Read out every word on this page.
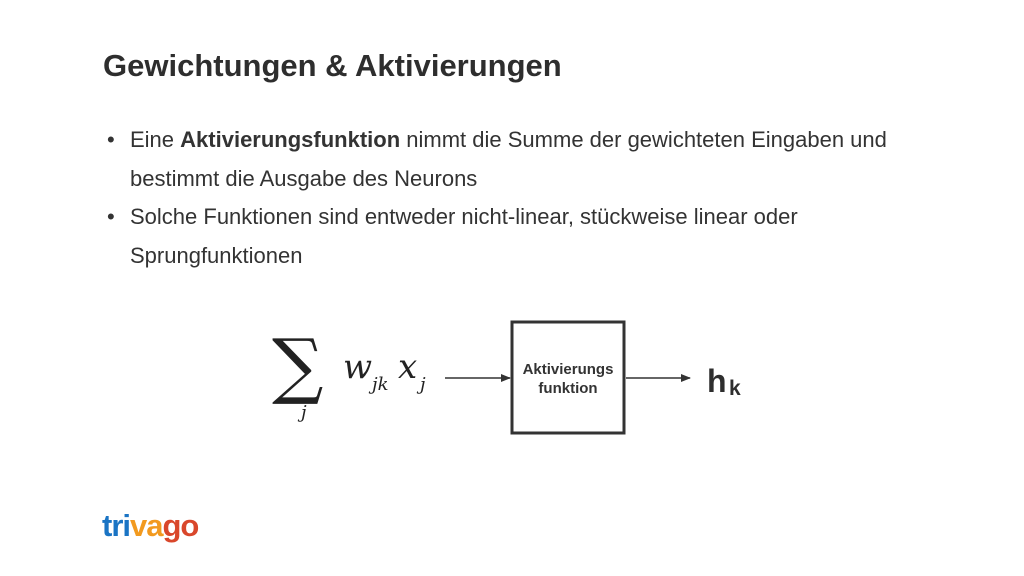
Gewichtungen & Aktivierungen
• Eine Aktivierungsfunktion nimmt die Summe der gewichteten Eingaben und bestimmt die Ausgabe des Neurons
• Solche Funktionen sind entweder nicht-linear, stückweise linear oder Sprungfunktionen
∑
j
w jk x j
Aktivierungs
funktion	h k
trivago
